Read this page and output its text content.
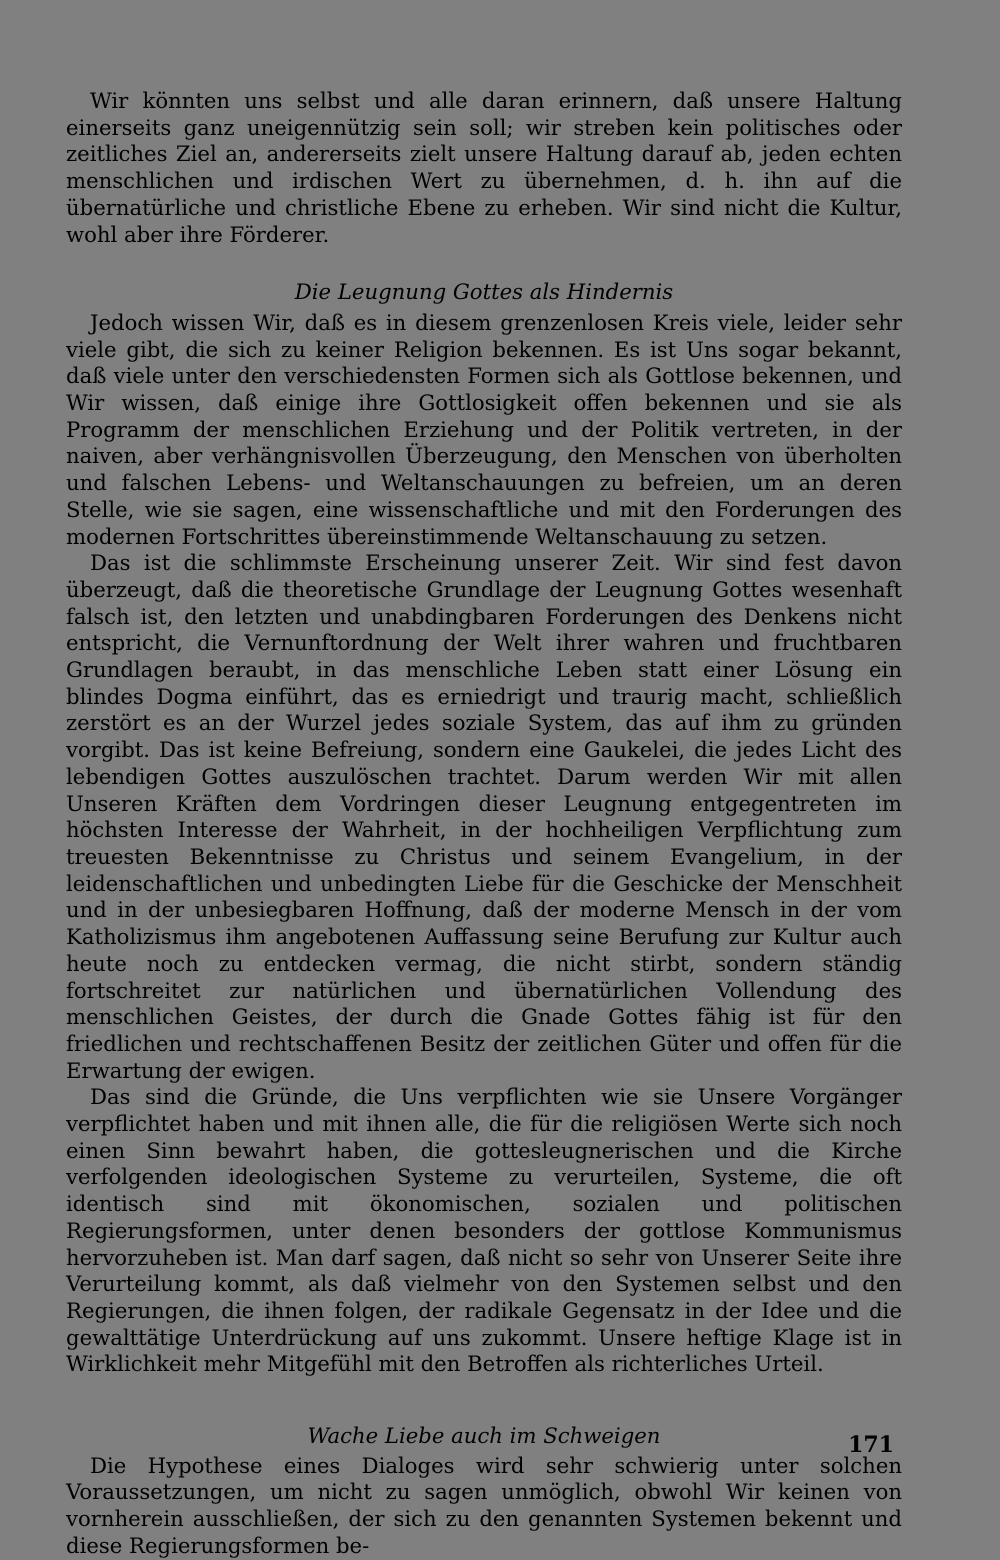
Wir könnten uns selbst und alle daran erinnern, daß unsere Haltung einerseits ganz uneigennützig sein soll; wir streben kein politisches oder zeitliches Ziel an, andererseits zielt unsere Haltung darauf ab, jeden echten menschlichen und irdischen Wert zu übernehmen, d. h. ihn auf die übernatürliche und christliche Ebene zu erheben. Wir sind nicht die Kultur, wohl aber ihre Förderer.

Die Leugnung Gottes als Hindernis

Jedoch wissen Wir, daß es in diesem grenzenlosen Kreis viele, leider sehr viele gibt, die sich zu keiner Religion bekennen. Es ist Uns sogar bekannt, daß viele unter den verschiedensten Formen sich als Gottlose bekennen, und Wir wissen, daß einige ihre Gottlosigkeit offen bekennen und sie als Programm der menschlichen Erziehung und der Politik vertreten, in der naiven, aber verhängnisvollen Überzeugung, den Menschen von überholten und falschen Lebens- und Weltanschauungen zu befreien, um an deren Stelle, wie sie sagen, eine wissenschaftliche und mit den Forderungen des modernen Fortschrittes übereinstimmende Weltanschauung zu setzen.

Das ist die schlimmste Erscheinung unserer Zeit. Wir sind fest davon überzeugt, daß die theoretische Grundlage der Leugnung Gottes wesenhaft falsch ist, den letzten und unabdingbaren Forderungen des Denkens nicht entspricht, die Vernunftordnung der Welt ihrer wahren und fruchtbaren Grundlagen beraubt, in das menschliche Leben statt einer Lösung ein blindes Dogma einführt, das es erniedrigt und traurig macht, schließlich zerstört es an der Wurzel jedes soziale System, das auf ihm zu gründen vorgibt. Das ist keine Befreiung, sondern eine Gaukelei, die jedes Licht des lebendigen Gottes auszulöschen trachtet. Darum werden Wir mit allen Unseren Kräften dem Vordringen dieser Leugnung entgegentreten im höchsten Interesse der Wahrheit, in der hochheiligen Verpflichtung zum treuesten Bekenntnisse zu Christus und seinem Evangelium, in der leidenschaftlichen und unbedingten Liebe für die Geschicke der Menschheit und in der unbesiegbaren Hoffnung, daß der moderne Mensch in der vom Katholizismus ihm angebotenen Auffassung seine Berufung zur Kultur auch heute noch zu entdecken vermag, die nicht stirbt, sondern ständig fortschreitet zur natürlichen und übernatürlichen Vollendung des menschlichen Geistes, der durch die Gnade Gottes fähig ist für den friedlichen und rechtschaffenen Besitz der zeitlichen Güter und offen für die Erwartung der ewigen.

Das sind die Gründe, die Uns verpflichten wie sie Unsere Vorgänger verpflichtet haben und mit ihnen alle, die für die religiösen Werte sich noch einen Sinn bewahrt haben, die gottesleugnerischen und die Kirche verfolgenden ideologischen Systeme zu verurteilen, Systeme, die oft identisch sind mit ökonomischen, sozialen und politischen Regierungsformen, unter denen besonders der gottlose Kommunismus hervorzuheben ist. Man darf sagen, daß nicht so sehr von Unserer Seite ihre Verurteilung kommt, als daß vielmehr von den Systemen selbst und den Regierungen, die ihnen folgen, der radikale Gegensatz in der Idee und die gewalttätige Unterdrückung auf uns zukommt. Unsere heftige Klage ist in Wirklichkeit mehr Mitgefühl mit den Betroffen als richterliches Urteil.

Wache Liebe auch im Schweigen

Die Hypothese eines Dialoges wird sehr schwierig unter solchen Voraussetzungen, um nicht zu sagen unmöglich, obwohl Wir keinen von vornherein ausschließen, der sich zu den genannten Systemen bekennt und diese Regierungsformen be-

171
